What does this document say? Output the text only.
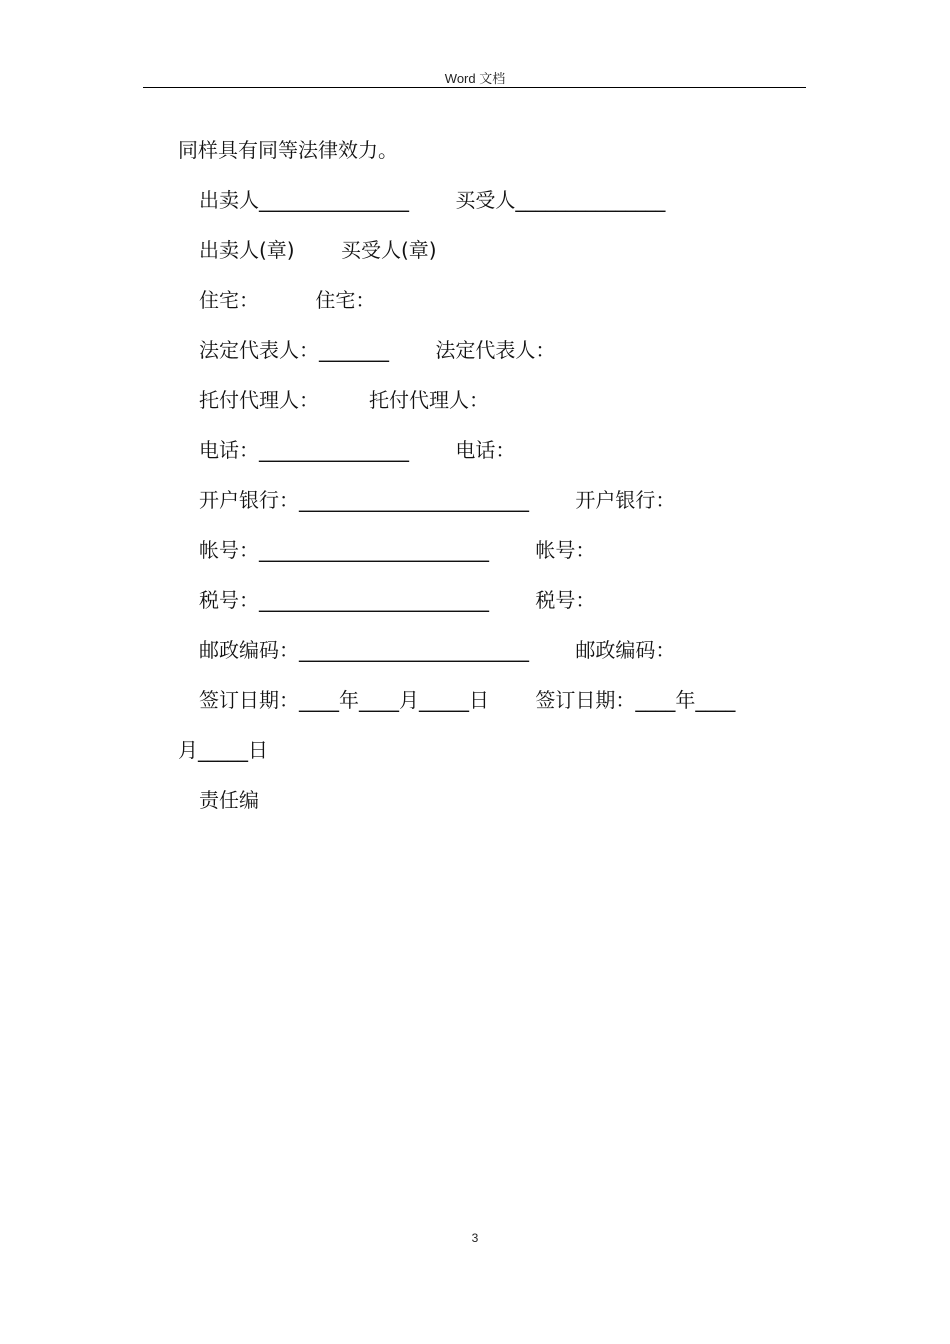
Word 文档
同样具有同等法律效力。
出卖人_______________　　 买受人_______________
出卖人(章)　　 买受人(章)
住宅：　　　 住宅：
法定代表人：_______　　 法定代表人：
托付代理人：　　　托付代理人：
电话：_______________　　 电话：
开户银行：_______________________　　 开户银行：
帐号：_______________________　　 帐号：
税号：_______________________　　 税号：
邮政编码：_______________________　　 邮政编码：
签订日期：____年____月_____日　　 签订日期：____年____
月_____日
责任编
3
